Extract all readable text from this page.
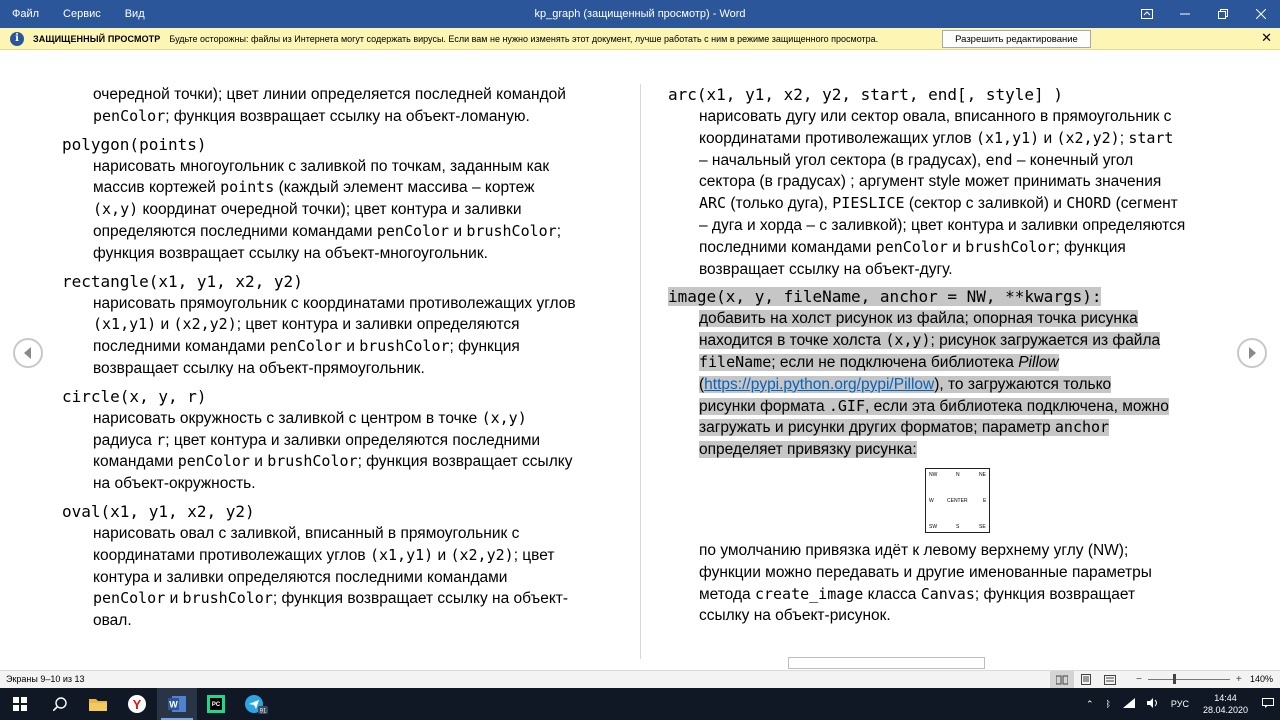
Файл	Сервис	Вид	kp_graph (защищенный просмотр) - Word
i	ЗАЩИЩЕННЫЙ ПРОСМОТР Будьте осторожны: файлы из Интернета могут содержать вирусы. Если вам не нужно изменять этот документ, лучше работать с ним в режиме защищенного просмотра.	Разрешить редактирование	✕
очередной точки); цвет линии определяется последней командой
penColor; функция возвращает ссылку на объект-ломаную.
polygon(points)
нарисовать многоугольник с заливкой по точкам, заданным как
массив кортежей points (каждый элемент массива – кортеж
(x,y) координат очередной точки); цвет контура и заливки
определяются последними командами penColor и brushColor;
функция возвращает ссылку на объект-многоугольник.
rectangle(x1, y1, x2, y2)
нарисовать прямоугольник с координатами противолежащих углов
(x1,y1) и (x2,y2); цвет контура и заливки определяются
последними командами penColor и brushColor; функция
возвращает ссылку на объект-прямоугольник.
circle(x, y, r)
нарисовать окружность с заливкой с центром в точке (x,y)
радиуса r; цвет контура и заливки определяются последними
командами penColor и brushColor; функция возвращает ссылку
на объект-окружность.
oval(x1, y1, x2, y2)
нарисовать овал с заливкой, вписанный в прямоугольник с
координатами противолежащих углов (x1,y1) и (x2,y2); цвет
контура и заливки определяются последними командами
penColor и brushColor; функция возвращает ссылку на объект-
овал.
arc(x1, y1, x2, y2, start, end[, style] )
нарисовать дугу или сектор овала, вписанного в прямоугольник с
координатами противолежащих углов (x1,y1) и (x2,y2); start
– начальный угол сектора (в градусах), end – конечный угол
сектора (в градусах) ; аргумент style может принимать значения
ARC (только дуга), PIESLICE (сектор с заливкой) и CHORD (сегмент
– дуга и хорда – с заливкой); цвет контура и заливки определяются
последними командами penColor и brushColor; функция
возвращает ссылку на объект-дугу.
image(x, y, fileName, anchor = NW, **kwargs):
добавить на холст рисунок из файла; опорная точка рисунка
находится в точке холста (x,y); рисунок загружается из файла
fileName; если не подключена библиотека Pillow
(https://pypi.python.org/pypi/Pillow), то загружаются только
рисунки формата .GIF, если эта библиотека подключена, можно
загружать и рисунки других форматов; параметр anchor
определяет привязку рисунка:
по умолчанию привязка идёт к левому верхнему углу (NW);
функции можно передавать и другие именованные параметры
метода create_image класса Canvas; функция возвращает
ссылку на объект-рисунок.
NW	N	NE
W	CENTER	E
SW	S	SE
Экраны 9–10 из 13	−	+ 140%
Y	W	PC
91
⌃ ᛒ	РУС
14:44
28.04.2020
